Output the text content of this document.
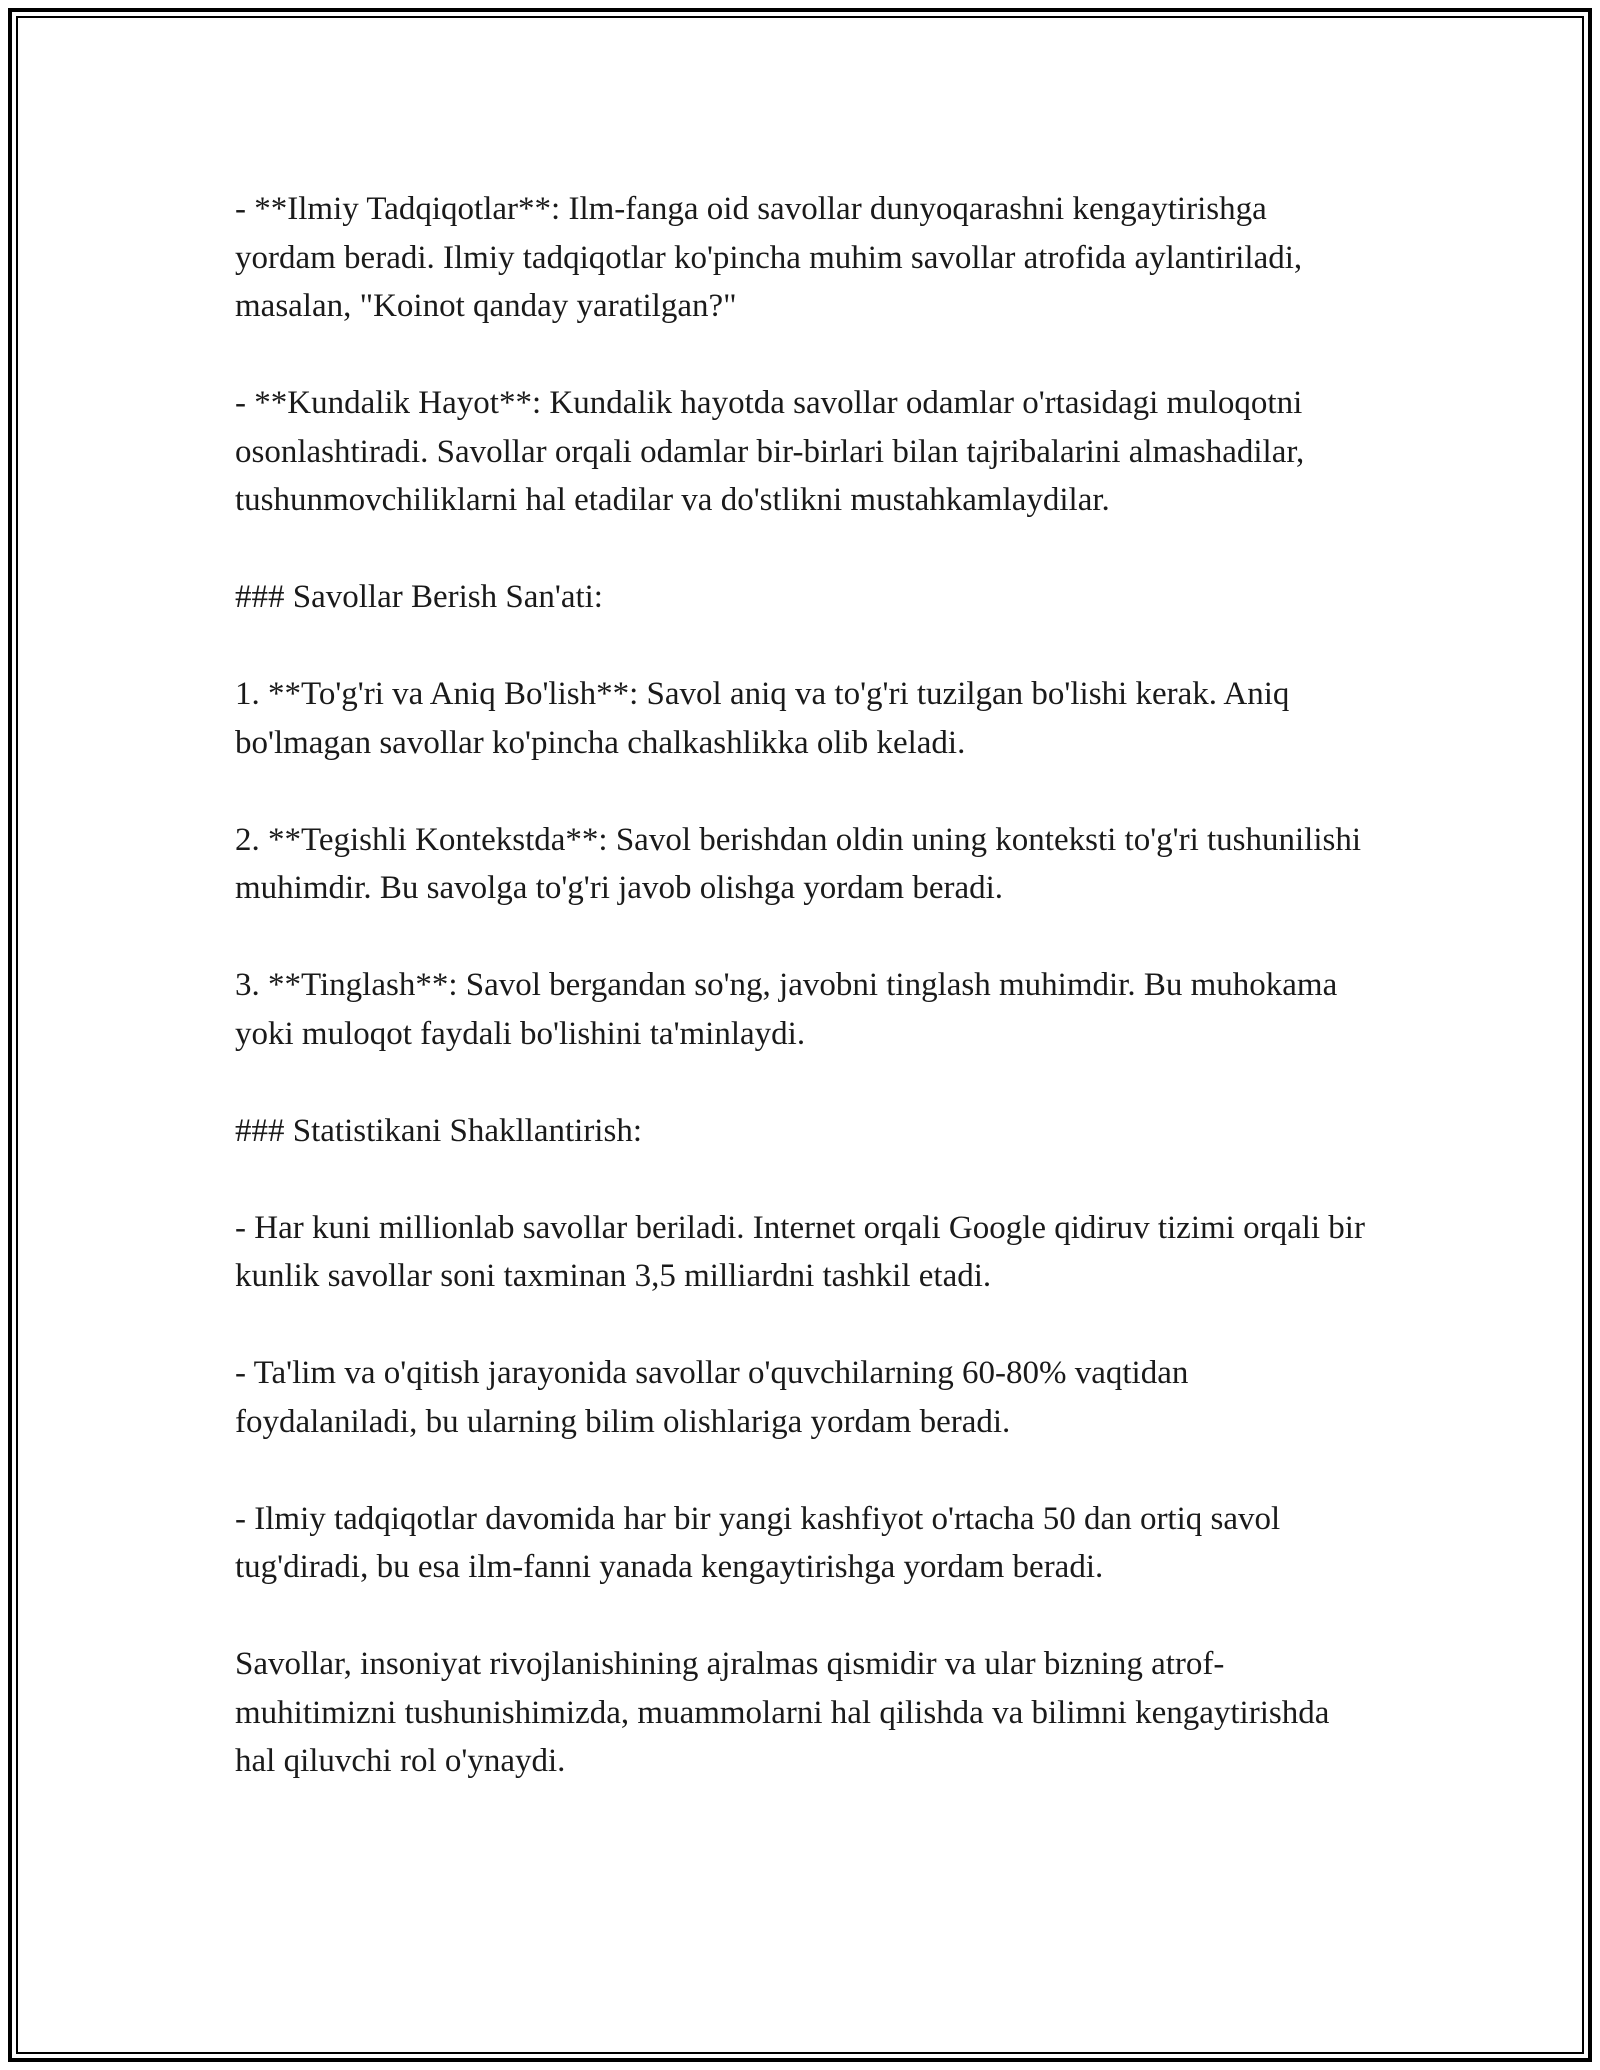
- **Ilmiy Tadqiqotlar**: Ilm-fanga oid savollar dunyoqarashni kengaytirishga yordam beradi. Ilmiy tadqiqotlar ko'pincha muhim savollar atrofida aylantiriladi, masalan, "Koinot qanday yaratilgan?"

- **Kundalik Hayot**: Kundalik hayotda savollar odamlar o'rtasidagi muloqotni osonlashtiradi. Savollar orqali odamlar bir-birlari bilan tajribalarini almashadilar, tushunmovchiliklarni hal etadilar va do'stlikni mustahkamlaydilar.

### Savollar Berish San'ati:

1. **To'g'ri va Aniq Bo'lish**: Savol aniq va to'g'ri tuzilgan bo'lishi kerak. Aniq bo'lmagan savollar ko'pincha chalkashlikka olib keladi.

2. **Tegishli Kontekstda**: Savol berishdan oldin uning konteksti to'g'ri tushunilishi muhimdir. Bu savolga to'g'ri javob olishga yordam beradi.

3. **Tinglash**: Savol bergandan so'ng, javobni tinglash muhimdir. Bu muhokama yoki muloqot faydali bo'lishini ta'minlaydi.

### Statistikani Shakllantirish:

- Har kuni millionlab savollar beriladi. Internet orqali Google qidiruv tizimi orqali bir kunlik savollar soni taxminan 3,5 milliardni tashkil etadi.

- Ta'lim va o'qitish jarayonida savollar o'quvchilarning 60-80% vaqtidan foydalaniladi, bu ularning bilim olishlariga yordam beradi.

- Ilmiy tadqiqotlar davomida har bir yangi kashfiyot o'rtacha 50 dan ortiq savol tug'diradi, bu esa ilm-fanni yanada kengaytirishga yordam beradi.

Savollar, insoniyat rivojlanishining ajralmas qismidir va ular bizning atrof-muhitimizni tushunishimizda, muammolarni hal qilishda va bilimni kengaytirishda hal qiluvchi rol o'ynaydi.
